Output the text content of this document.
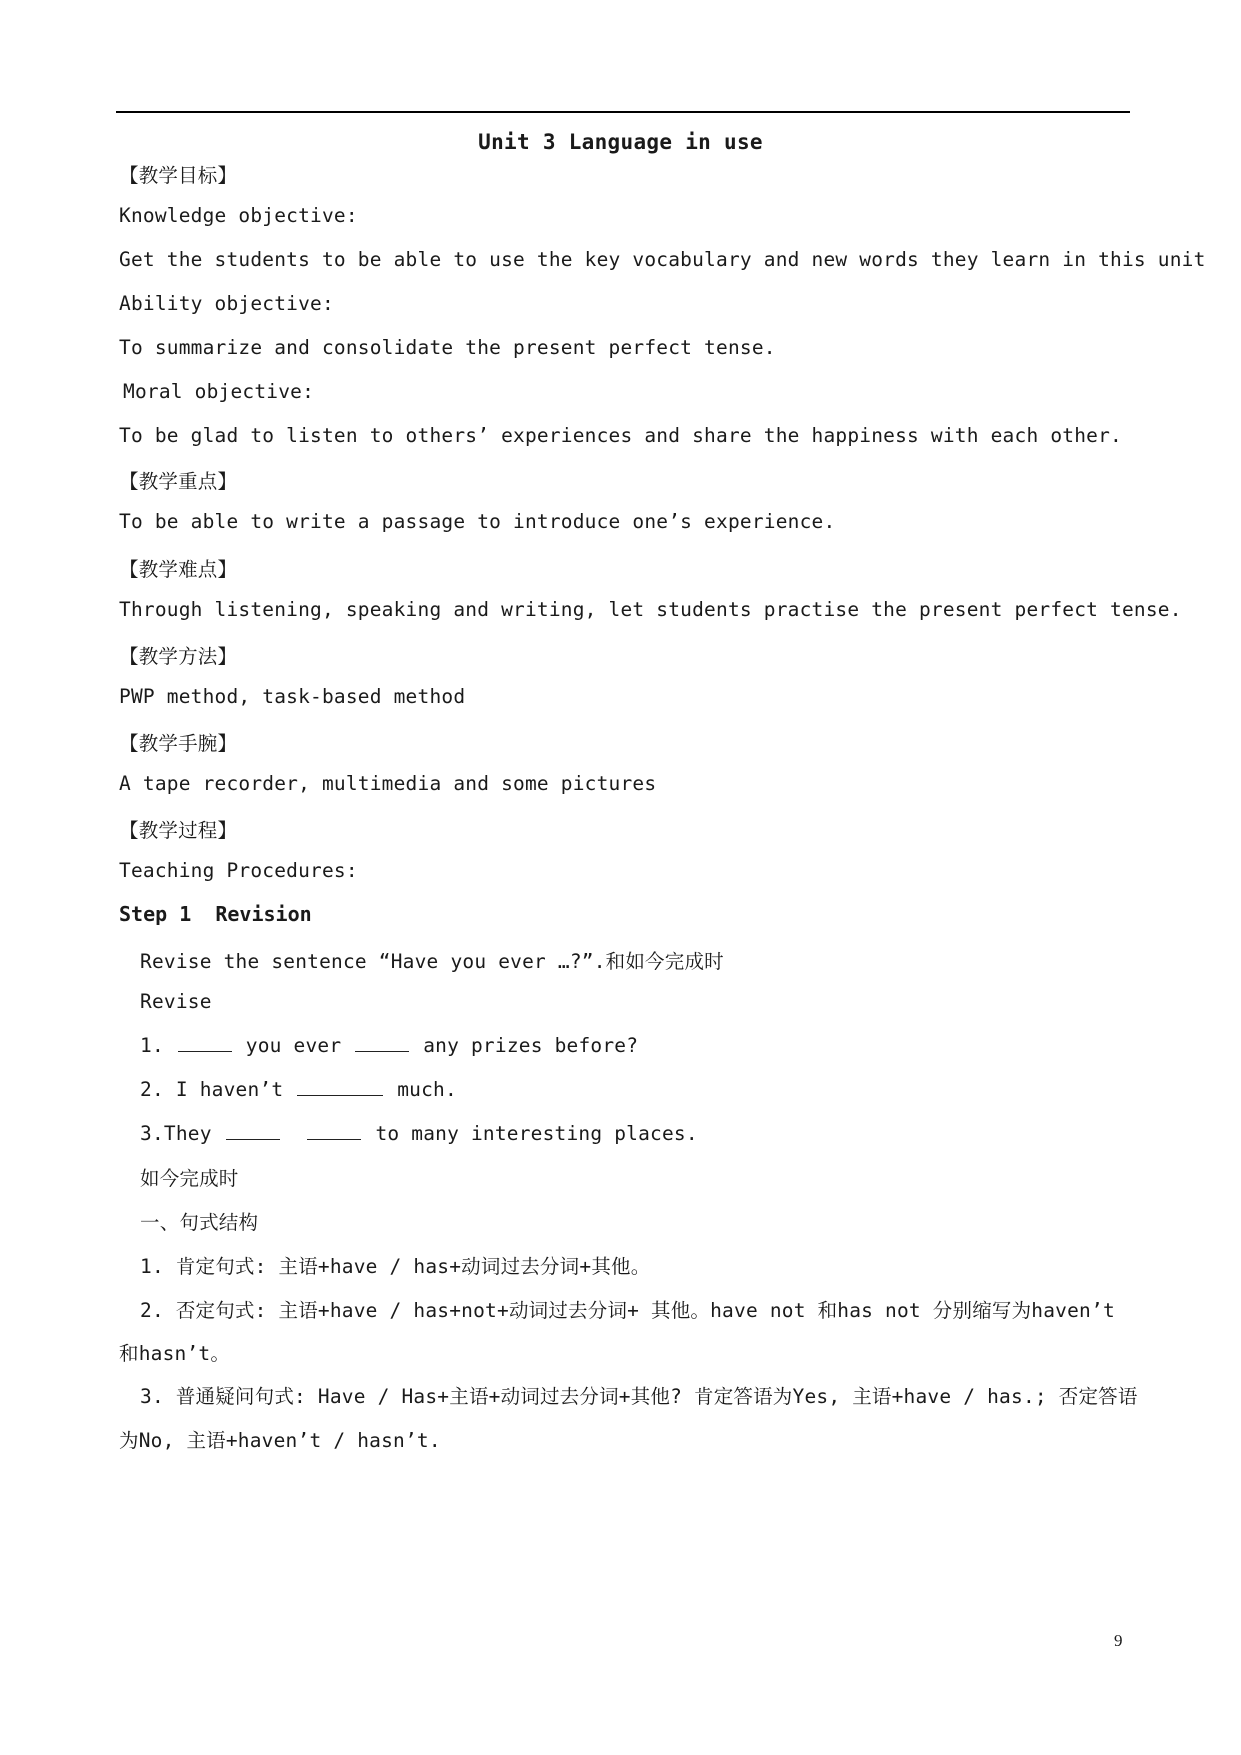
Unit 3 Language in use
【教学目标】
Knowledge objective:
Get the students to be able to use the key vocabulary and new words they learn in this unit
Ability objective:
To summarize and consolidate the present perfect tense.
Moral objective:
To be glad to listen to others’ experiences and share the happiness with each other.
【教学重点】
To be able to write a passage to introduce one’s experience.
【教学难点】
Through listening, speaking and writing, let students practise the present perfect tense.
【教学方法】
PWP method, task-based method
【教学手腕】
A tape recorder, multimedia and some pictures
【教学过程】
Teaching Procedures:
Step 1  Revision
Revise the sentence “Have you ever …?”.和如今完成时
Revise
1.	you ever	any prizes before?
2. I haven’t	much.
3.They	to many interesting places.
如今完成时
一、句式结构
1. 肯定句式: 主语+have / has+动词过去分词+其他。
2. 否定句式: 主语+have / has+not+动词过去分词+ 其他。have not 和has not 分别缩写为haven’t
和hasn’t。
3. 普通疑问句式: Have / Has+主语+动词过去分词+其他? 肯定答语为Yes, 主语+have / has.; 否定答语
为No, 主语+haven’t / hasn’t.
9
